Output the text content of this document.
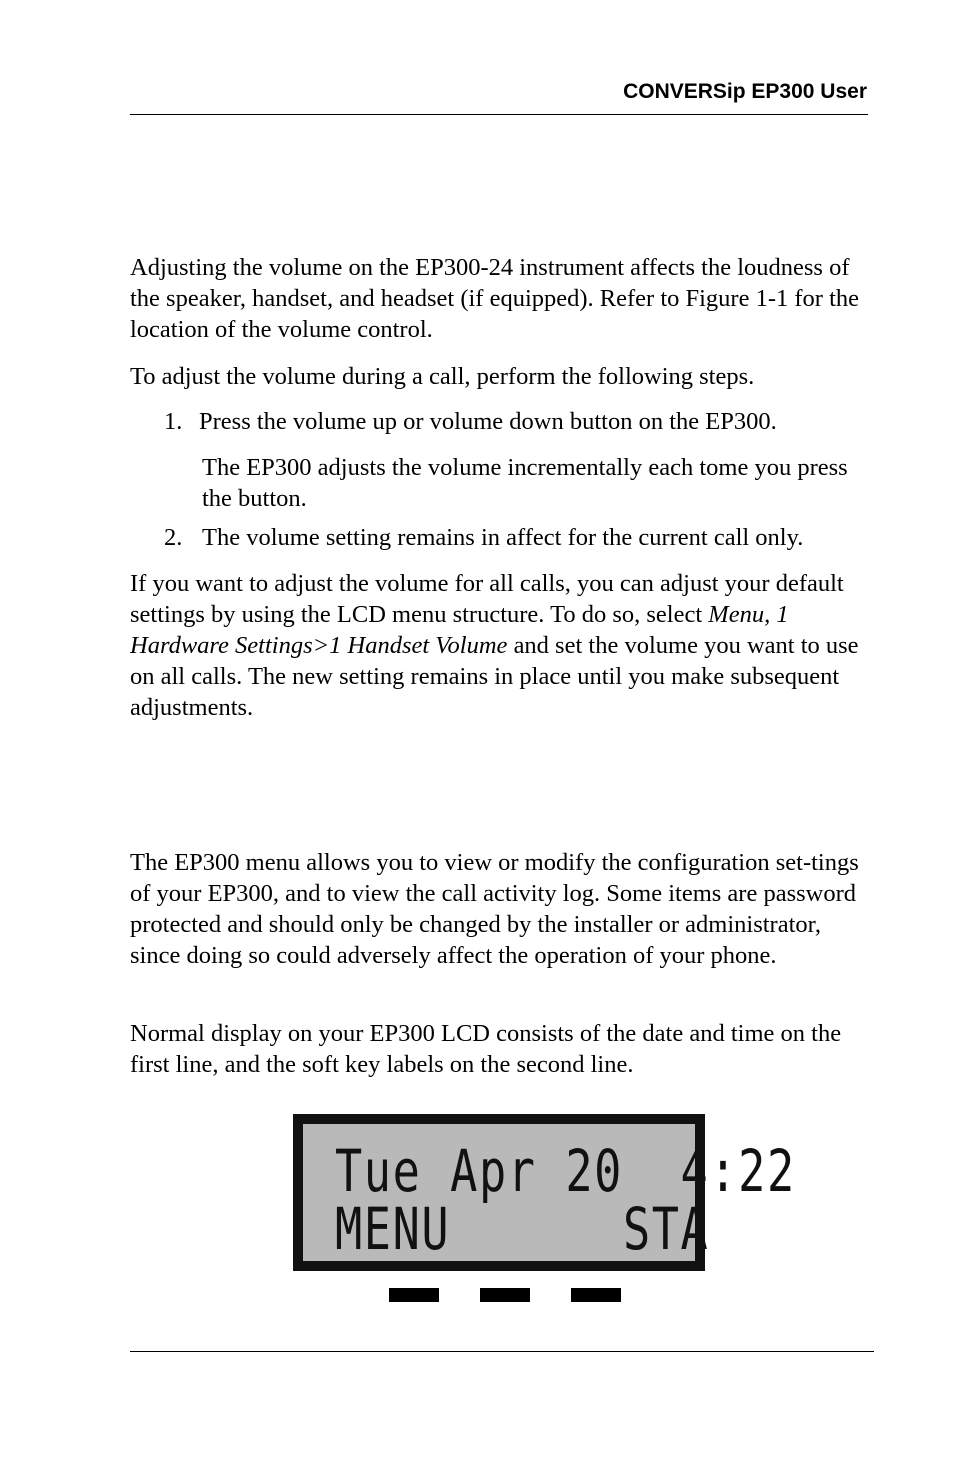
CONVERSip EP300 User

Adjusting the volume on the EP300-24 instrument affects the loudness of the speaker, handset, and headset (if equipped). Refer to Figure 1-1 for the location of the volume control.

To adjust the volume during a call, perform the following steps.

1. Press the volume up or volume down button on the EP300.
The EP300 adjusts the volume incrementally each tome you press the button.
2. The volume setting remains in affect for the current call only.

If you want to adjust the volume for all calls, you can adjust your default settings by using the LCD menu structure. To do so, select Menu, 1 Hardware Settings>1 Handset Volume and set the volume you want to use on all calls. The new setting remains in place until you make subsequent adjustments.

The EP300 menu allows you to view or modify the configuration set-tings of your EP300, and to view the call activity log. Some items are password protected and should only be changed by the installer or administrator, since doing so could adversely affect the operation of your phone.

Normal display on your EP300 LCD consists of the date and time on the first line, and the soft key labels on the second line.

Tue Apr 20  4:22
MENU      STA
